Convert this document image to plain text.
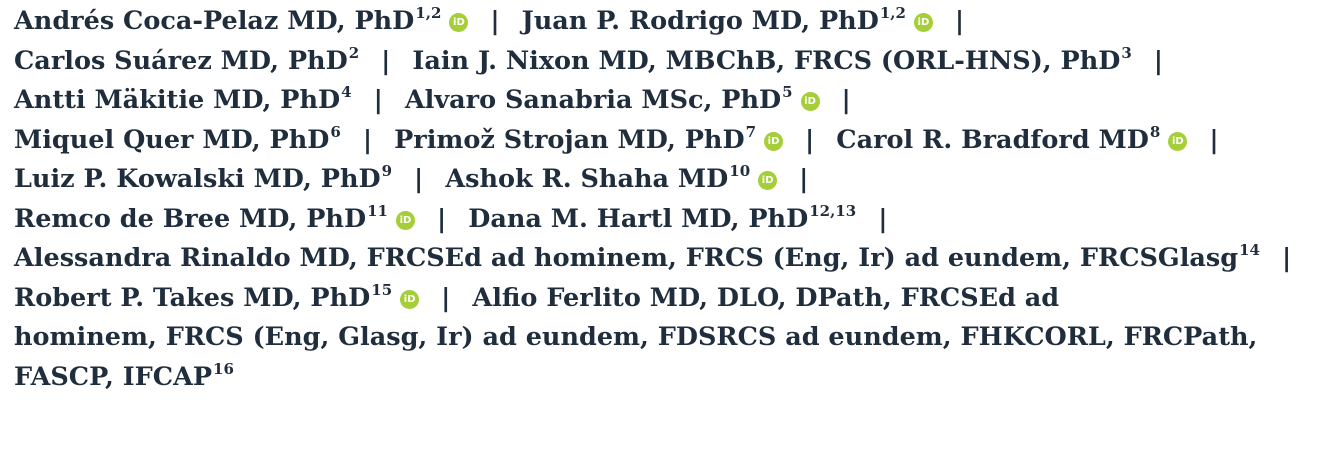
Andrés Coca-Pelaz MD, PhD$^{1,2}$iD | Juan P. Rodrigo MD, PhD$^{1,2}$iD |
Carlos Suárez MD, PhD$^2$ | Iain J. Nixon MD, MBChB, FRCS (ORL-HNS), PhD$^3$ |
Antti Mäkitie MD, PhD$^4$ | Alvaro Sanabria MSc, PhD$^5$iD |
Miquel Quer MD, PhD$^6$ | Primož Strojan MD, PhD$^7$iD | Carol R. Bradford $MD^8iD$ |
Luiz P. Kowalski MD, PhD$^9$ | Ashok R. Shaha MD$^{10}$iD |
Remco de Bree MD, PhD$^{11}$iD | Dana M. Hartl MD, PhD$^{12,13}$ |
Alessandra Rinaldo MD, FRCSEd ad hominem, FRCS (Eng, Ir) ad eundem, FRCSGlasg$^{14}$ |
Robert P. Takes MD, PhD$^{15}$iD | Alfio Ferlito MD, DLO, DPath, FRCSEd ad
hominem, FRCS (Eng, Glasg, Ir) ad eundem, FDSRCS ad eundem, FHKCORL, FRCPath,
FASCP, IFCAP$^{16}$
